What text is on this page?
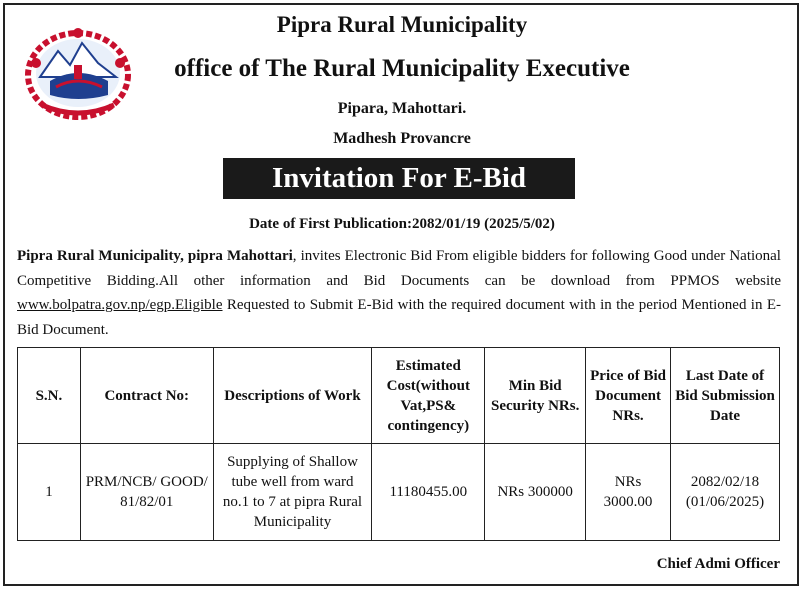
Pipra Rural Municipality
office of The Rural Municipality Executive
Pipara, Mahottari.
Madhesh Provancre
Invitation For E-Bid
Date of First Publication:2082/01/19 (2025/5/02)
Pipra Rural Municipality, pipra Mahottari, invites Electronic Bid From eligible bidders for following Good under National Competitive Bidding.All other information and Bid Documents can be download from PPMOS website www.bolpatra.gov.np/egp.Eligible Requested to Submit E-Bid with the required document with in the period Mentioned in E-Bid Document.
S.N.	Contract No:	Descriptions of Work	Estimated Cost(without Vat,PS& contingency)	Min Bid Security NRs.	Price of Bid Document NRs.	Last Date of Bid Submission Date
1	PRM/NCB/ GOOD/ 81/82/01	Supplying of Shallow tube well from ward no.1 to 7 at pipra Rural Municipality	11180455.00	NRs 300000	NRs 3000.00	2082/02/18 (01/06/2025)
Chief Admi Officer
